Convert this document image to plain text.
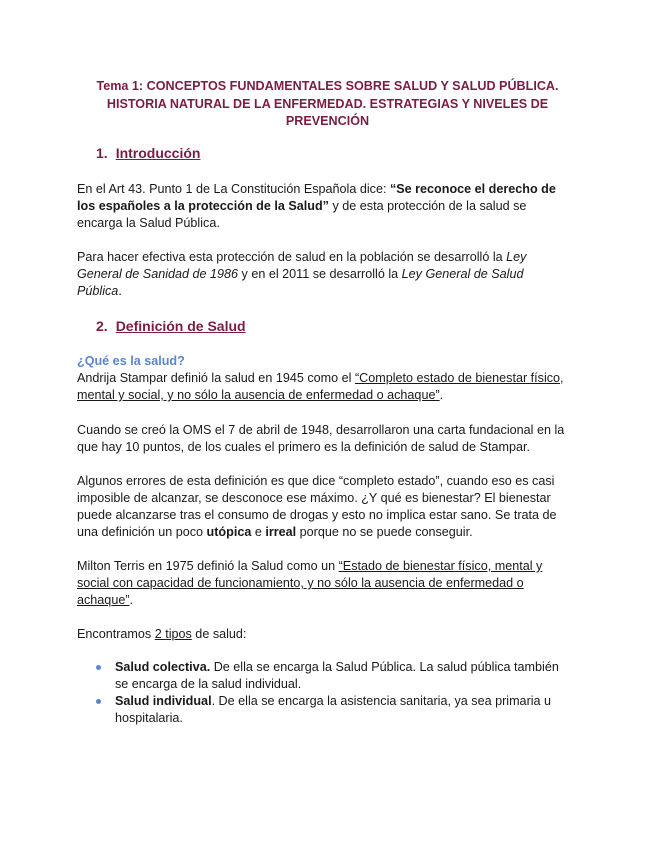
Tema 1: CONCEPTOS FUNDAMENTALES SOBRE SALUD Y SALUD PÚBLICA.
HISTORIA NATURAL DE LA ENFERMEDAD. ESTRATEGIAS Y NIVELES DE
PREVENCIÓN
1. Introducción
En el Art 43. Punto 1 de La Constitución Española dice: “Se reconoce el derecho de
los españoles a la protección de la Salud” y de esta protección de la salud se
encarga la Salud Pública.
Para hacer efectiva esta protección de salud en la población se desarrolló la Ley
General de Sanidad de 1986 y en el 2011 se desarrolló la Ley General de Salud
Pública.
2. Definición de Salud
¿Qué es la salud?
Andrija Stampar definió la salud en 1945 como el “Completo estado de bienestar físico,
mental y social, y no sólo la ausencia de enfermedad o achaque”.
Cuando se creó la OMS el 7 de abril de 1948, desarrollaron una carta fundacional en la
que hay 10 puntos, de los cuales el primero es la definición de salud de Stampar.
Algunos errores de esta definición es que dice “completo estado”, cuando eso es casi
imposible de alcanzar, se desconoce ese máximo. ¿Y qué es bienestar? El bienestar
puede alcanzarse tras el consumo de drogas y esto no implica estar sano. Se trata de
una definición un poco utópica e irreal porque no se puede conseguir.
Milton Terris en 1975 definió la Salud como un “Estado de bienestar físico, mental y
social con capacidad de funcionamiento, y no sólo la ausencia de enfermedad o
achaque”.
Encontramos 2 tipos de salud:
Salud colectiva. De ella se encarga la Salud Pública. La salud pública también
se encarga de la salud individual.
Salud individual. De ella se encarga la asistencia sanitaria, ya sea primaria u
hospitalaria.
